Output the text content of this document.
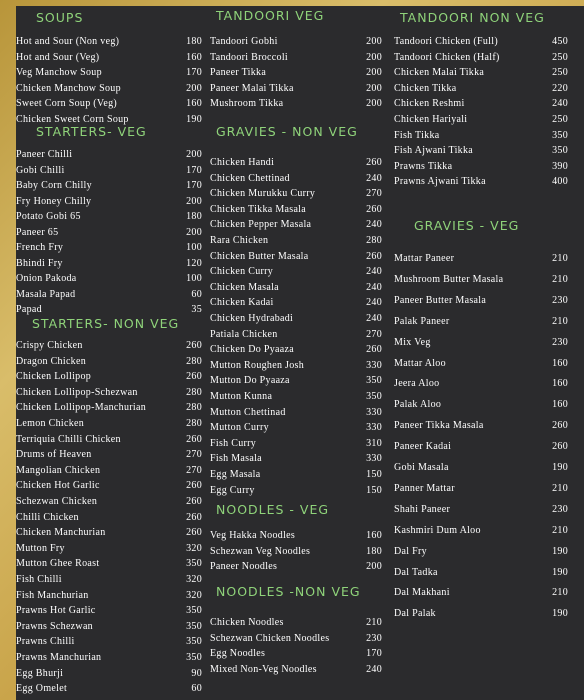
SOUPS
Hot and Sour (Non veg)	180
Hot and Sour (Veg)	160
Veg Manchow Soup	170
Chicken Manchow Soup	200
Sweet Corn Soup (Veg)	160
Chicken Sweet Corn Soup	190
STARTERS- VEG
Paneer Chilli	200
Gobi Chilli	170
Baby Corn Chilly	170
Fry Honey Chilly	200
Potato Gobi 65	180
Paneer 65	200
French Fry	100
Bhindi Fry	120
Onion Pakoda	100
Masala Papad	60
Papad	35
STARTERS- NON VEG
Crispy Chicken	260
Dragon Chicken	280
Chicken Lollipop	260
Chicken Lollipop-Schezwan	280
Chicken Lollipop-Manchurian	280
Lemon Chicken	280
Terriquia Chilli Chicken	260
Drums of Heaven	270
Mangolian Chicken	270
Chicken Hot Garlic	260
Schezwan Chicken	260
Chilli Chicken	260
Chicken Manchurian	260
Mutton Fry	320
Mutton Ghee Roast	350
Fish Chilli	320
Fish Manchurian	320
Prawns Hot Garlic	350
Prawns Schezwan	350
Prawns Chilli	350
Prawns Manchurian	350
Egg Bhurji	90
Egg Omelet	60
TANDOORI VEG
Tandoori Gobhi	200
Tandoori Broccoli	200
Paneer Tikka	200
Paneer Malai Tikka	200
Mushroom Tikka	200
GRAVIES - NON VEG
Chicken Handi	260
Chicken Chettinad	240
Chicken Murukku Curry	270
Chicken Tikka Masala	260
Chicken Pepper Masala	240
Rara Chicken	280
Chicken Butter Masala	260
Chicken Curry	240
Chicken Masala	240
Chicken Kadai	240
Chicken Hydrabadi	240
Patiala Chicken	270
Chicken Do Pyaaza	260
Mutton Roughen Josh	330
Mutton Do Pyaaza	350
Mutton Kunna	350
Mutton Chettinad	330
Mutton Curry	330
Fish Curry	310
Fish Masala	330
Egg Masala	150
Egg Curry	150
NOODLES - VEG
Veg Hakka Noodles	160
Schezwan Veg Noodles	180
Paneer Noodles	200
NOODLES -NON VEG
Chicken Noodles	210
Schezwan Chicken Noodles	230
Egg Noodles	170
Mixed Non-Veg Noodles	240
TANDOORI NON VEG
Tandoori Chicken (Full)	450
Tandoori Chicken (Half)	250
Chicken Malai Tikka	250
Chicken Tikka	220
Chicken Reshmi	240
Chicken Hariyali	250
Fish Tikka	350
Fish Ajwani Tikka	350
Prawns Tikka	390
Prawns Ajwani Tikka	400
GRAVIES - VEG
Mattar Paneer	210
Mushroom Butter Masala	210
Paneer Butter Masala	230
Palak Paneer	210
Mix Veg	230
Mattar Aloo	160
Jeera Aloo	160
Palak Aloo	160
Paneer Tikka Masala	260
Paneer Kadai	260
Gobi Masala	190
Panner Mattar	210
Shahi Paneer	230
Kashmiri Dum Aloo	210
Dal Fry	190
Dal Tadka	190
Dal Makhani	210
Dal Palak	190
